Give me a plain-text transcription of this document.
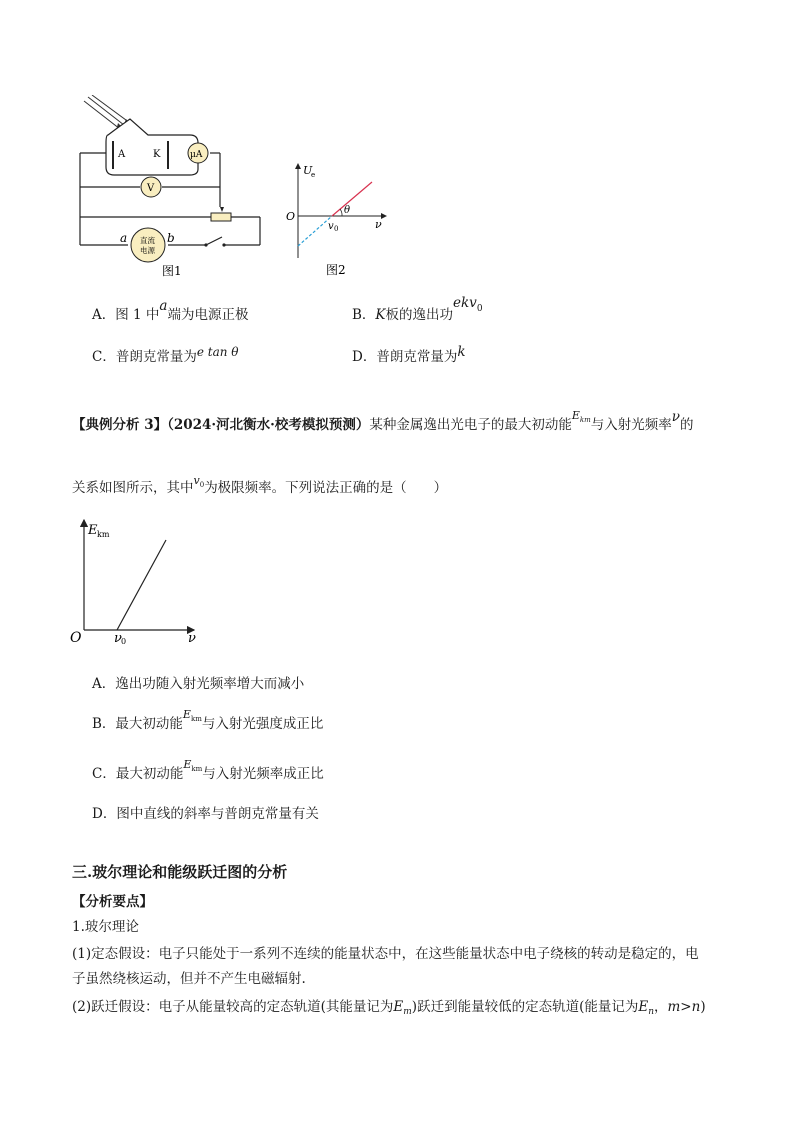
A	K	μA
V
直流
电源
a	b
图1
U
e
O
ν
v 0
θ
图2
A．图 1 中a端为电源正极	B．K板的逸出功ekv$^0$
C．普朗克常量为e tan θ	D．普朗克常量为k
【典例分析 3】（2024·河北衡水·校考模拟预测）某种金属逸出光电子的最大初动能$^{Ekm}$与入射光频率ν的
关系如图所示，其中$^{v0}$为极限频率。下列说法正确的是（　　）
E km
O	ν 0	ν
A．逸出功随入射光频率增大而减小
B．最大初动能$^{Ekm}$与入射光强度成正比
C．最大初动能$^{Ekm}$与入射光频率成正比
D．图中直线的斜率与普朗克常量有关
三.玻尔理论和能级跃迁图的分析
【分析要点】
1.玻尔理论
(1)定态假设：电子只能处于一系列不连续的能量状态中，在这些能量状态中电子绕核的转动是稳定的，电
子虽然绕核运动，但并不产生电磁辐射.
(2)跃迁假设：电子从能量较高的定态轨道(其能量记为$E_m$)跃迁到能量较低的定态轨道(能量记为$E_n$，m>n)
